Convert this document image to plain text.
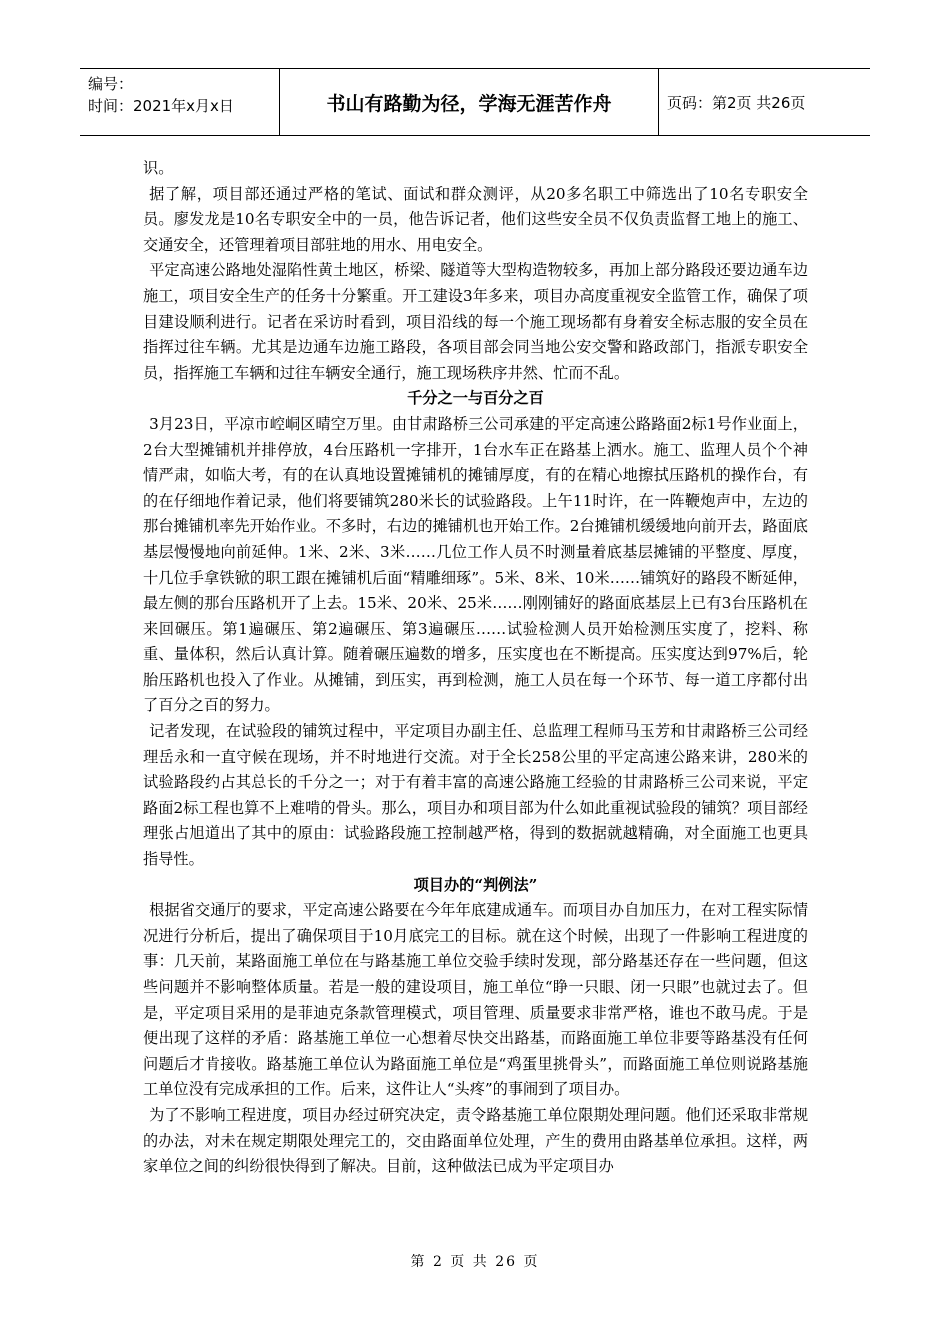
编号：
时间：2021年x月x日	书山有路勤为径，学海无涯苦作舟	页码：第2页 共26页

识。

据了解，项目部还通过严格的笔试、面试和群众测评，从20多名职工中筛选出了10名专职安全员。廖发龙是10名专职安全中的一员，他告诉记者，他们这些安全员不仅负责监督工地上的施工、交通安全，还管理着项目部驻地的用水、用电安全。

平定高速公路地处湿陷性黄土地区，桥梁、隧道等大型构造物较多，再加上部分路段还要边通车边施工，项目安全生产的任务十分繁重。开工建设3年多来，项目办高度重视安全监管工作，确保了项目建设顺利进行。记者在采访时看到，项目沿线的每一个施工现场都有身着安全标志服的安全员在指挥过往车辆。尤其是边通车边施工路段，各项目部会同当地公安交警和路政部门，指派专职安全员，指挥施工车辆和过往车辆安全通行，施工现场秩序井然、忙而不乱。

千分之一与百分之百

3月23日，平凉市崆峒区晴空万里。由甘肃路桥三公司承建的平定高速公路路面2标1号作业面上，2台大型摊铺机并排停放，4台压路机一字排开，1台水车正在路基上洒水。施工、监理人员个个神情严肃，如临大考，有的在认真地设置摊铺机的摊铺厚度，有的在精心地擦拭压路机的操作台，有的在仔细地作着记录，他们将要铺筑280米长的试验路段。上午11时许，在一阵鞭炮声中，左边的那台摊铺机率先开始作业。不多时，右边的摊铺机也开始工作。2台摊铺机缓缓地向前开去，路面底基层慢慢地向前延伸。1米、2米、3米……几位工作人员不时测量着底基层摊铺的平整度、厚度，十几位手拿铁锨的职工跟在摊铺机后面“精雕细琢”。5米、8米、10米……铺筑好的路段不断延伸，最左侧的那台压路机开了上去。15米、20米、25米……刚刚铺好的路面底基层上已有3台压路机在来回碾压。第1遍碾压、第2遍碾压、第3遍碾压……试验检测人员开始检测压实度了，挖料、称重、量体积，然后认真计算。随着碾压遍数的增多，压实度也在不断提高。压实度达到97%后，轮胎压路机也投入了作业。从摊铺，到压实，再到检测，施工人员在每一个环节、每一道工序都付出了百分之百的努力。

记者发现，在试验段的铺筑过程中，平定项目办副主任、总监理工程师马玉芳和甘肃路桥三公司经理岳永和一直守候在现场，并不时地进行交流。对于全长258公里的平定高速公路来讲，280米的试验路段约占其总长的千分之一；对于有着丰富的高速公路施工经验的甘肃路桥三公司来说，平定路面2标工程也算不上难啃的骨头。那么，项目办和项目部为什么如此重视试验段的铺筑？项目部经理张占旭道出了其中的原由：试验路段施工控制越严格，得到的数据就越精确，对全面施工也更具指导性。

项目办的“判例法”

根据省交通厅的要求，平定高速公路要在今年年底建成通车。而项目办自加压力，在对工程实际情况进行分析后，提出了确保项目于10月底完工的目标。就在这个时候，出现了一件影响工程进度的事：几天前，某路面施工单位在与路基施工单位交验手续时发现，部分路基还存在一些问题，但这些问题并不影响整体质量。若是一般的建设项目，施工单位“睁一只眼、闭一只眼”也就过去了。但是，平定项目采用的是菲迪克条款管理模式，项目管理、质量要求非常严格，谁也不敢马虎。于是便出现了这样的矛盾：路基施工单位一心想着尽快交出路基，而路面施工单位非要等路基没有任何问题后才肯接收。路基施工单位认为路面施工单位是“鸡蛋里挑骨头”，而路面施工单位则说路基施工单位没有完成承担的工作。后来，这件让人“头疼”的事闹到了项目办。

为了不影响工程进度，项目办经过研究决定，责令路基施工单位限期处理问题。他们还采取非常规的办法，对未在规定期限处理完工的，交由路面单位处理，产生的费用由路基单位承担。这样，两家单位之间的纠纷很快得到了解决。目前，这种做法已成为平定项目办

第 2 页 共 26 页
